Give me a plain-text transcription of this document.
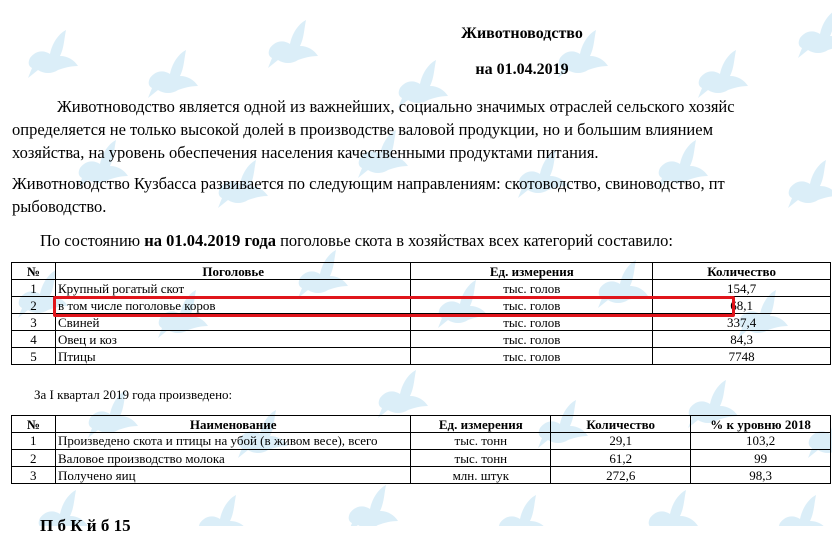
Животноводство
на 01.04.2019
Животноводство является одной из важнейших, социально значимых отраслей сельского хозяйс
определяется не только высокой долей в производстве валовой продукции, но и большим влиянием
хозяйства, на уровень обеспечения населения качественными продуктами питания.
Животноводство Кузбасса развивается по следующим направлениям: скотоводство, свиноводство, пт
рыбоводство.
По состоянию на 01.04.2019 года поголовье скота в хозяйствах всех категорий составило:
№	Поголовье	Ед. измерения	Количество
1	Крупный рогатый скот	тыс. голов	154,7
2	в том числе поголовье коров	тыс. голов	68,1
3	Свиней	тыс. голов	337,4
4	Овец и коз	тыс. голов	84,3
5	Птицы	тыс. голов	7748
За I квартал 2019 года произведено:
№	Наименование	Ед. измерения	Количество	% к уровню 2018
1	Произведено скота и птицы на убой (в живом весе), всего	тыс. тонн	29,1	103,2
2	Валовое производство молока	тыс. тонн	61,2	99
3	Получено яиц	млн. штук	272,6	98,3
П б К й б 15
